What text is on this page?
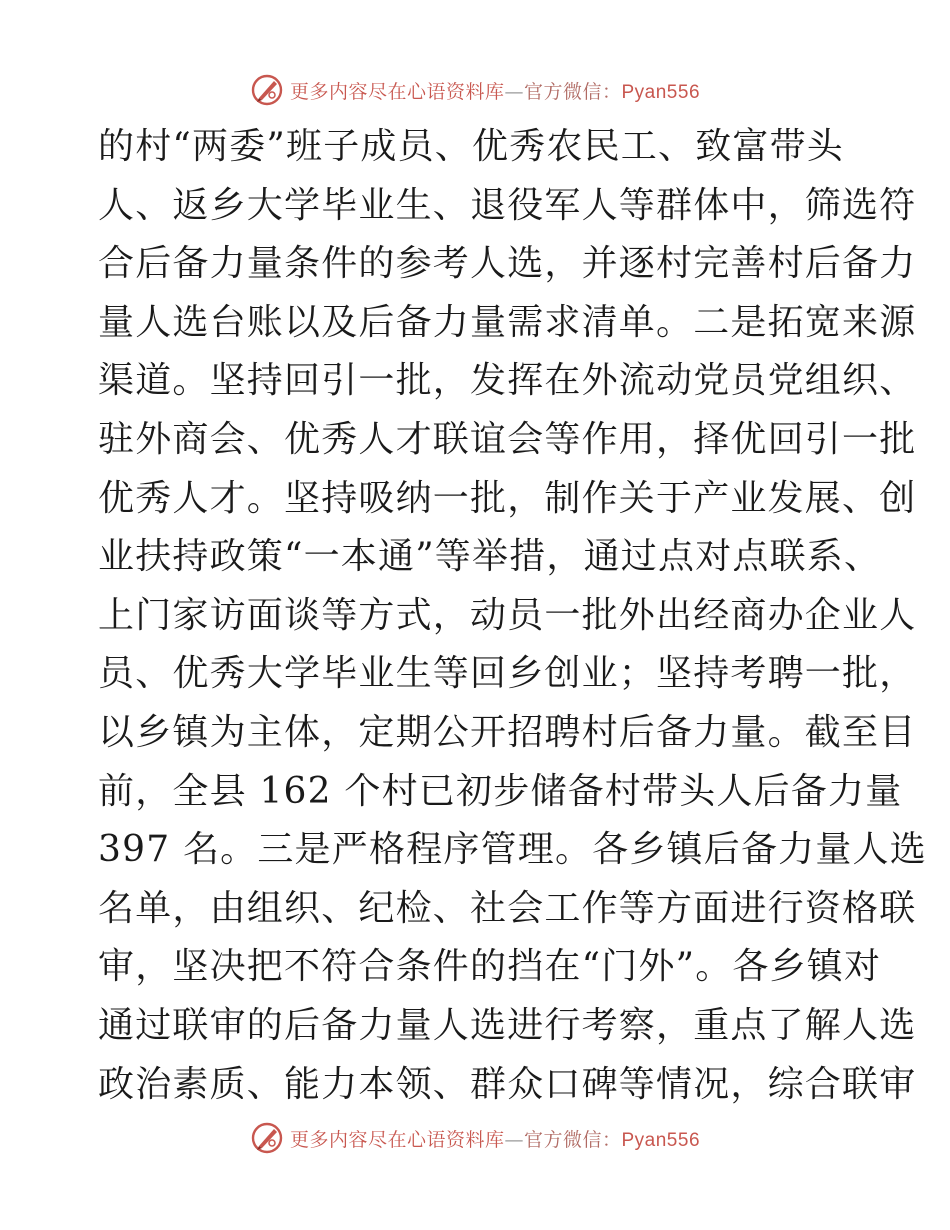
更多内容尽在心语资料库—官方微信：Pyan556
的村“两委”班子成员、优秀农民工、致富带头
人、返乡大学毕业生、退役军人等群体中，筛选符
合后备力量条件的参考人选，并逐村完善村后备力
量人选台账以及后备力量需求清单。二是拓宽来源
渠道。坚持回引一批，发挥在外流动党员党组织、
驻外商会、优秀人才联谊会等作用，择优回引一批
优秀人才。坚持吸纳一批，制作关于产业发展、创
业扶持政策“一本通”等举措，通过点对点联系、
上门家访面谈等方式，动员一批外出经商办企业人
员、优秀大学毕业生等回乡创业；坚持考聘一批，
以乡镇为主体，定期公开招聘村后备力量。截至目
前，全县 162 个村已初步储备村带头人后备力量
397 名。三是严格程序管理。各乡镇后备力量人选
名单，由组织、纪检、社会工作等方面进行资格联
审，坚决把不符合条件的挡在“门外”。各乡镇对
通过联审的后备力量人选进行考察，重点了解人选
政治素质、能力本领、群众口碑等情况，综合联审
更多内容尽在心语资料库—官方微信：Pyan556
